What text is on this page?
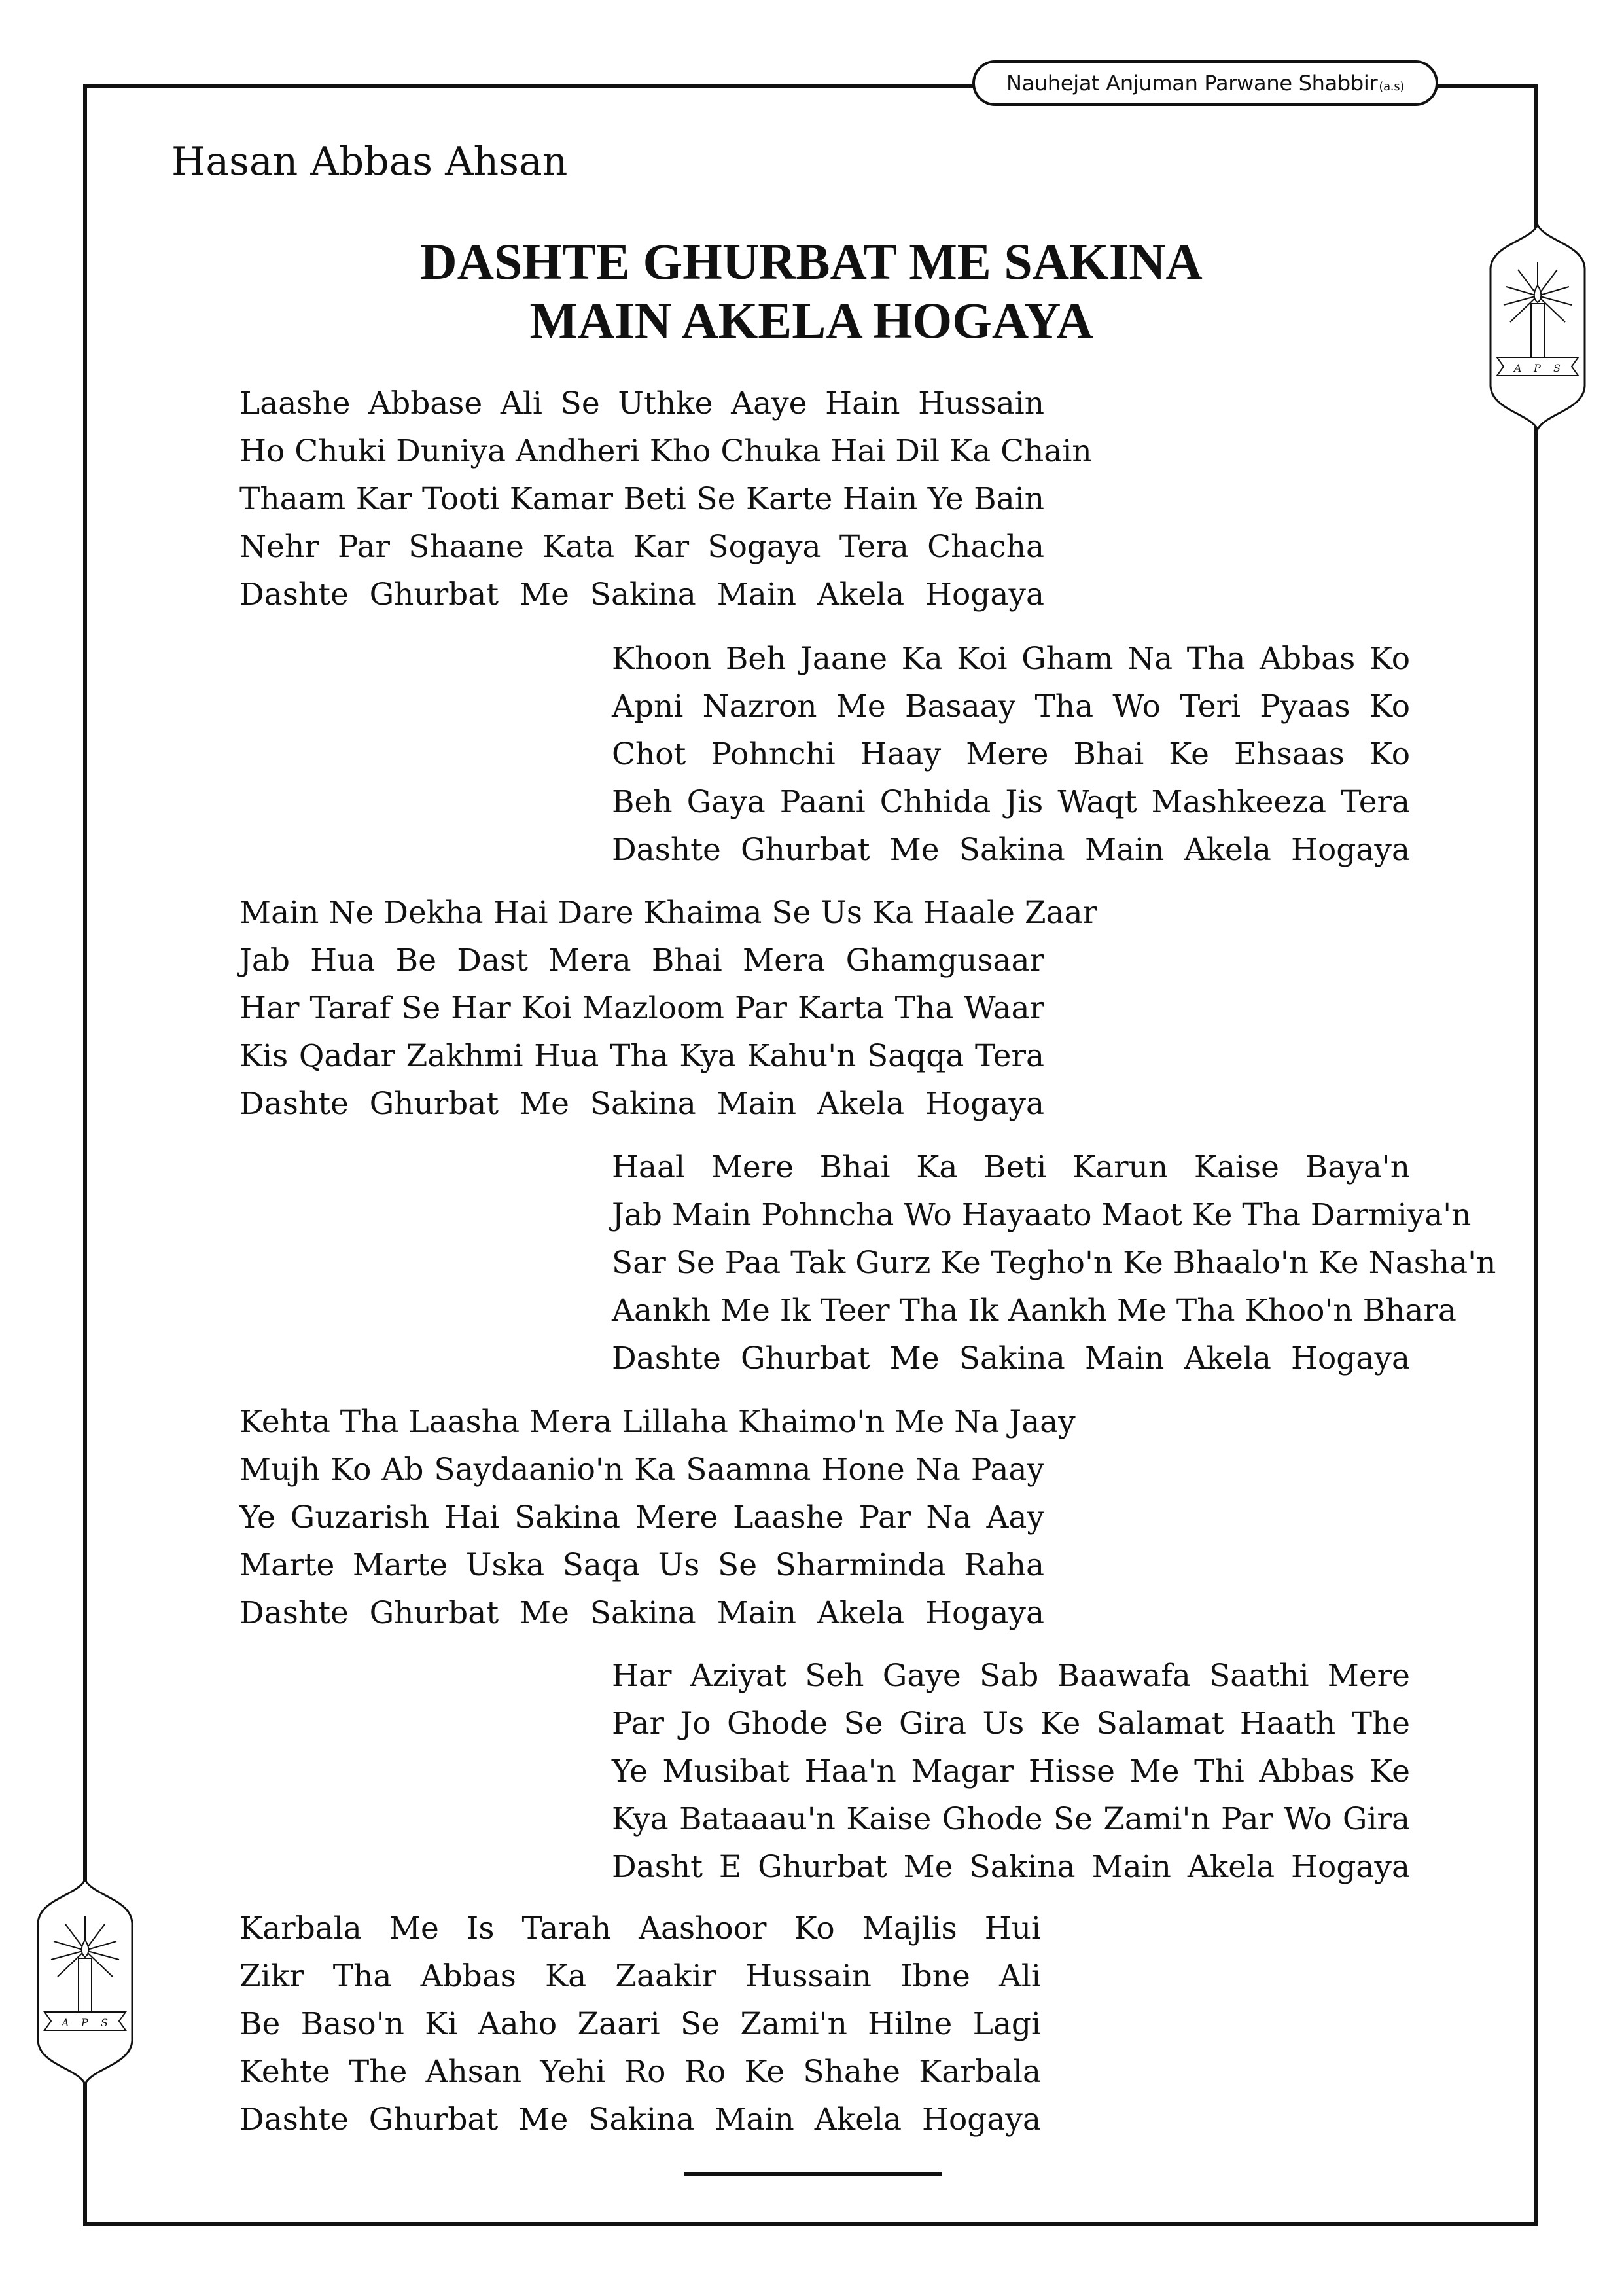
Nauhejat Anjuman Parwane Shabbir (a.s)
Hasan Abbas Ahsan
DASHTE GHURBAT ME SAKINA
MAIN AKELA HOGAYA
A P S
A P S
Laashe Abbase Ali Se Uthke Aaye Hain Hussain
Ho Chuki Duniya Andheri Kho Chuka Hai Dil Ka Chain
Thaam Kar Tooti Kamar Beti Se Karte Hain Ye Bain
Nehr Par Shaane Kata Kar Sogaya Tera Chacha
Dashte Ghurbat Me Sakina Main Akela Hogaya
Khoon Beh Jaane Ka Koi Gham Na Tha Abbas Ko
Apni Nazron Me Basaay Tha Wo Teri Pyaas Ko
Chot Pohnchi Haay Mere Bhai Ke Ehsaas Ko
Beh Gaya Paani Chhida Jis Waqt Mashkeeza Tera
Dashte Ghurbat Me Sakina Main Akela Hogaya
Main Ne Dekha Hai Dare Khaima Se Us Ka Haale Zaar
Jab Hua Be Dast Mera Bhai Mera Ghamgusaar
Har Taraf Se Har Koi Mazloom Par Karta Tha Waar
Kis Qadar Zakhmi Hua Tha Kya Kahu'n Saqqa Tera
Dashte Ghurbat Me Sakina Main Akela Hogaya
Haal Mere Bhai Ka Beti Karun Kaise Baya'n
Jab Main Pohncha Wo Hayaato Maot Ke Tha Darmiya'n
Sar Se Paa Tak Gurz Ke Tegho'n Ke Bhaalo'n Ke Nasha'n
Aankh Me Ik Teer Tha Ik Aankh Me Tha Khoo'n Bhara
Dashte Ghurbat Me Sakina Main Akela Hogaya
Kehta Tha Laasha Mera Lillaha Khaimo'n Me Na Jaay
Mujh Ko Ab Saydaanio'n Ka Saamna Hone Na Paay
Ye Guzarish Hai Sakina Mere Laashe Par Na Aay
Marte Marte Uska Saqa Us Se Sharminda Raha
Dashte Ghurbat Me Sakina Main Akela Hogaya
Har Aziyat Seh Gaye Sab Baawafa Saathi Mere
Par Jo Ghode Se Gira Us Ke Salamat Haath The
Ye Musibat Haa'n Magar Hisse Me Thi Abbas Ke
Kya Bataaau'n Kaise Ghode Se Zami'n Par Wo Gira
Dasht E Ghurbat Me Sakina Main Akela Hogaya
Karbala Me Is Tarah Aashoor Ko Majlis Hui
Zikr Tha Abbas Ka Zaakir Hussain Ibne Ali
Be Baso'n Ki Aaho Zaari Se Zami'n Hilne Lagi
Kehte The Ahsan Yehi Ro Ro Ke Shahe Karbala
Dashte Ghurbat Me Sakina Main Akela Hogaya
